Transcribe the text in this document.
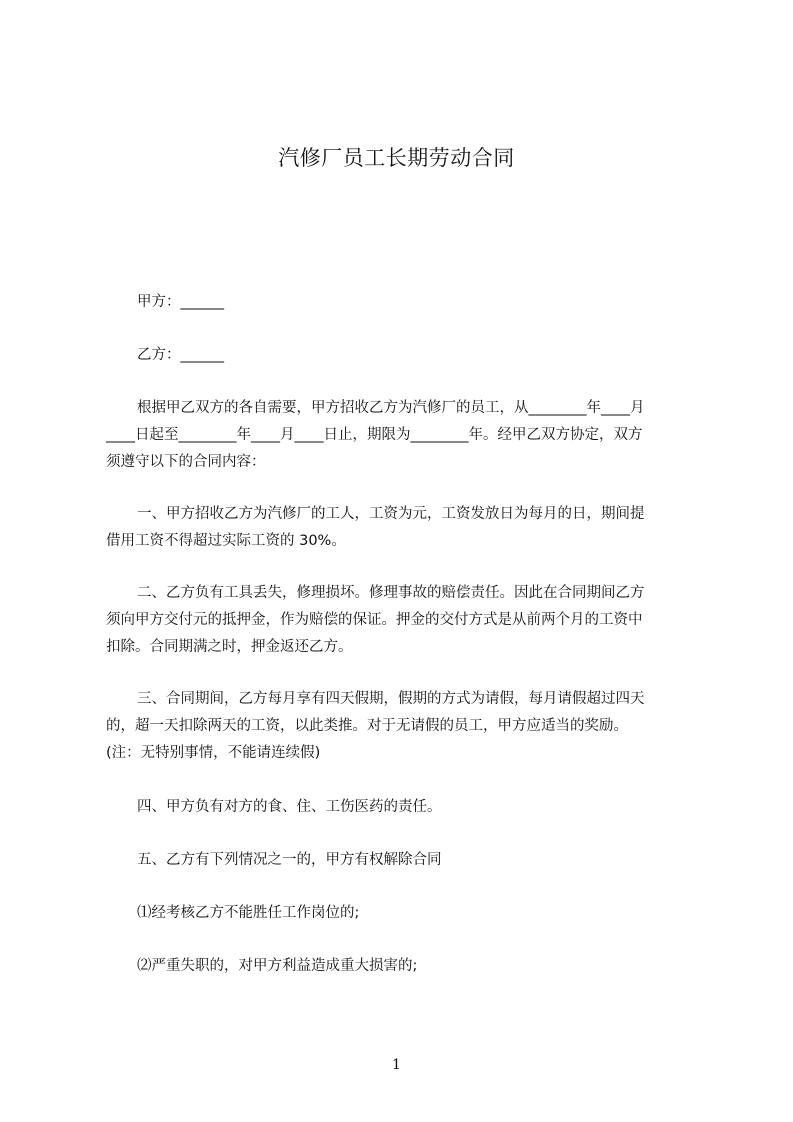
汽修厂员工长期劳动合同
甲方：______
乙方：______
根据甲乙双方的各自需要，甲方招收乙方为汽修厂的员工，从________年____月
____日起至________年____月____日止，期限为________年。经甲乙双方协定，双方
须遵守以下的合同内容：
一、甲方招收乙方为汽修厂的工人，工资为元，工资发放日为每月的日，期间提
借用工资不得超过实际工资的 30%。
二、乙方负有工具丢失，修理损坏。修理事故的赔偿责任。因此在合同期间乙方
须向甲方交付元的抵押金，作为赔偿的保证。押金的交付方式是从前两个月的工资中
扣除。合同期满之时，押金返还乙方。
三、合同期间，乙方每月享有四天假期，假期的方式为请假，每月请假超过四天
的，超一天扣除两天的工资，以此类推。对于无请假的员工，甲方应适当的奖励。
(注：无特别事情，不能请连续假)
四、甲方负有对方的食、住、工伤医药的责任。
五、乙方有下列情况之一的，甲方有权解除合同
⑴经考核乙方不能胜任工作岗位的;
⑵严重失职的，对甲方利益造成重大损害的;
1
